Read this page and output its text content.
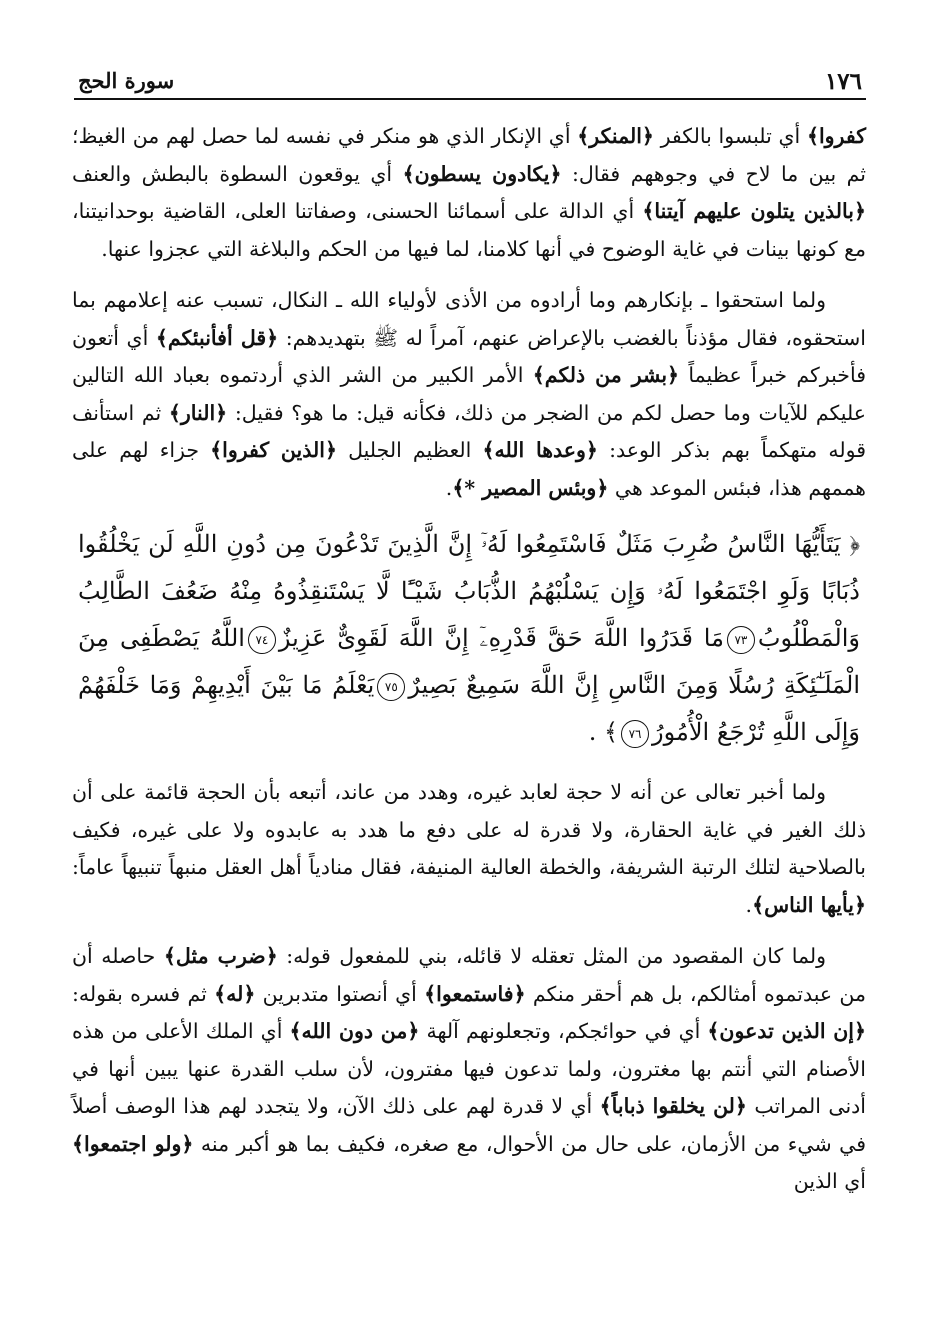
١٧٦
سورة الحج

كفروا﴾ أي تلبسوا بالكفر ﴿المنكر﴾ أي الإنكار الذي هو منكر في نفسه لما حصل لهم من الغيظ؛ ثم بين ما لاح في وجوههم فقال: ﴿يكادون يسطون﴾ أي يوقعون السطوة بالبطش والعنف ﴿بالذين يتلون عليهم آيتنا﴾ أي الدالة على أسمائنا الحسنى، وصفاتنا العلى، القاضية بوحدانيتنا، مع كونها بينات في غاية الوضوح في أنها كلامنا، لما فيها من الحكم والبلاغة التي عجزوا عنها.

ولما استحقوا ـ بإنكارهم وما أرادوه من الأذى لأولياء الله ـ النكال، تسبب عنه إعلامهم بما استحقوه، فقال مؤذناً بالغضب بالإعراض عنهم، آمراً له ﷺ بتهديدهم: ﴿قل أفأنبئكم﴾ أي أتعون فأخبركم خبراً عظيماً ﴿بشر من ذلكم﴾ الأمر الكبير من الشر الذي أردتموه بعباد الله التالين عليكم للآيات وما حصل لكم من الضجر من ذلك، فكأنه قيل: ما هو؟ فقيل: ﴿النار﴾ ثم استأنف قوله متهكماً بهم بذكر الوعد: ﴿وعدها الله﴾ العظيم الجليل ﴿الذين كفروا﴾ جزاء لهم على هممهم هذا، فبئس الموعد هي ﴿وبئس المصير *﴾.

﴿ يَتَأَيُّهَا النَّاسُ ضُرِبَ مَثَلٌ فَاسْتَمِعُوا لَهُۥٓ إِنَّ الَّذِينَ تَدْعُونَ مِن دُونِ اللَّهِ لَن يَخْلُقُوا ذُبَابًا وَلَوِ اجْتَمَعُوا لَهُۥ وَإِن يَسْلُبْهُمُ الذُّبَابُ شَيْـًٔا لَّا يَسْتَنقِذُوهُ مِنْهُ ضَعُفَ الطَّالِبُ وَالْمَطْلُوبُ٧٣مَا قَدَرُوا اللَّهَ حَقَّ قَدْرِهِۦٓ إِنَّ اللَّهَ لَقَوِىٌّ عَزِيزٌ٧٤اللَّهُ يَصْطَفِى مِنَ الْمَلَـٰٓئِكَةِ رُسُلًا وَمِنَ النَّاسِ إِنَّ اللَّهَ سَمِيعٌ بَصِيرٌ٧٥يَعْلَمُ مَا بَيْنَ أَيْدِيهِمْ وَمَا خَلْفَهُمْ وَإِلَى اللَّهِ تُرْجَعُ الْأُمُورُ٧٦﴾ .

ولما أخبر تعالى عن أنه لا حجة لعابد غيره، وهدد من عاند، أتبعه بأن الحجة قائمة على أن ذلك الغير في غاية الحقارة، ولا قدرة له على دفع ما هدد به عابدوه ولا على غيره، فكيف بالصلاحية لتلك الرتبة الشريفة، والخطة العالية المنيفة، فقال منادياً أهل العقل منبهاً تنبيهاً عاماً: ﴿يأيها الناس﴾.

ولما كان المقصود من المثل تعقله لا قائله، بني للمفعول قوله: ﴿ضرب مثل﴾ حاصله أن من عبدتموه أمثالكم، بل هم أحقر منكم ﴿فاستمعوا﴾ أي أنصتوا متدبرين ﴿له﴾ ثم فسره بقوله: ﴿إن الذين تدعون﴾ أي في حوائجكم، وتجعلونهم آلهة ﴿من دون الله﴾ أي الملك الأعلى من هذه الأصنام التي أنتم بها مغترون، ولما تدعون فيها مفترون، لأن سلب القدرة عنها يبين أنها في أدنى المراتب ﴿لن يخلقوا ذباباً﴾ أي لا قدرة لهم على ذلك الآن، ولا يتجدد لهم هذا الوصف أصلاً في شيء من الأزمان، على حال من الأحوال، مع صغره، فكيف بما هو أكبر منه ﴿ولو اجتمعوا﴾ أي الذين
